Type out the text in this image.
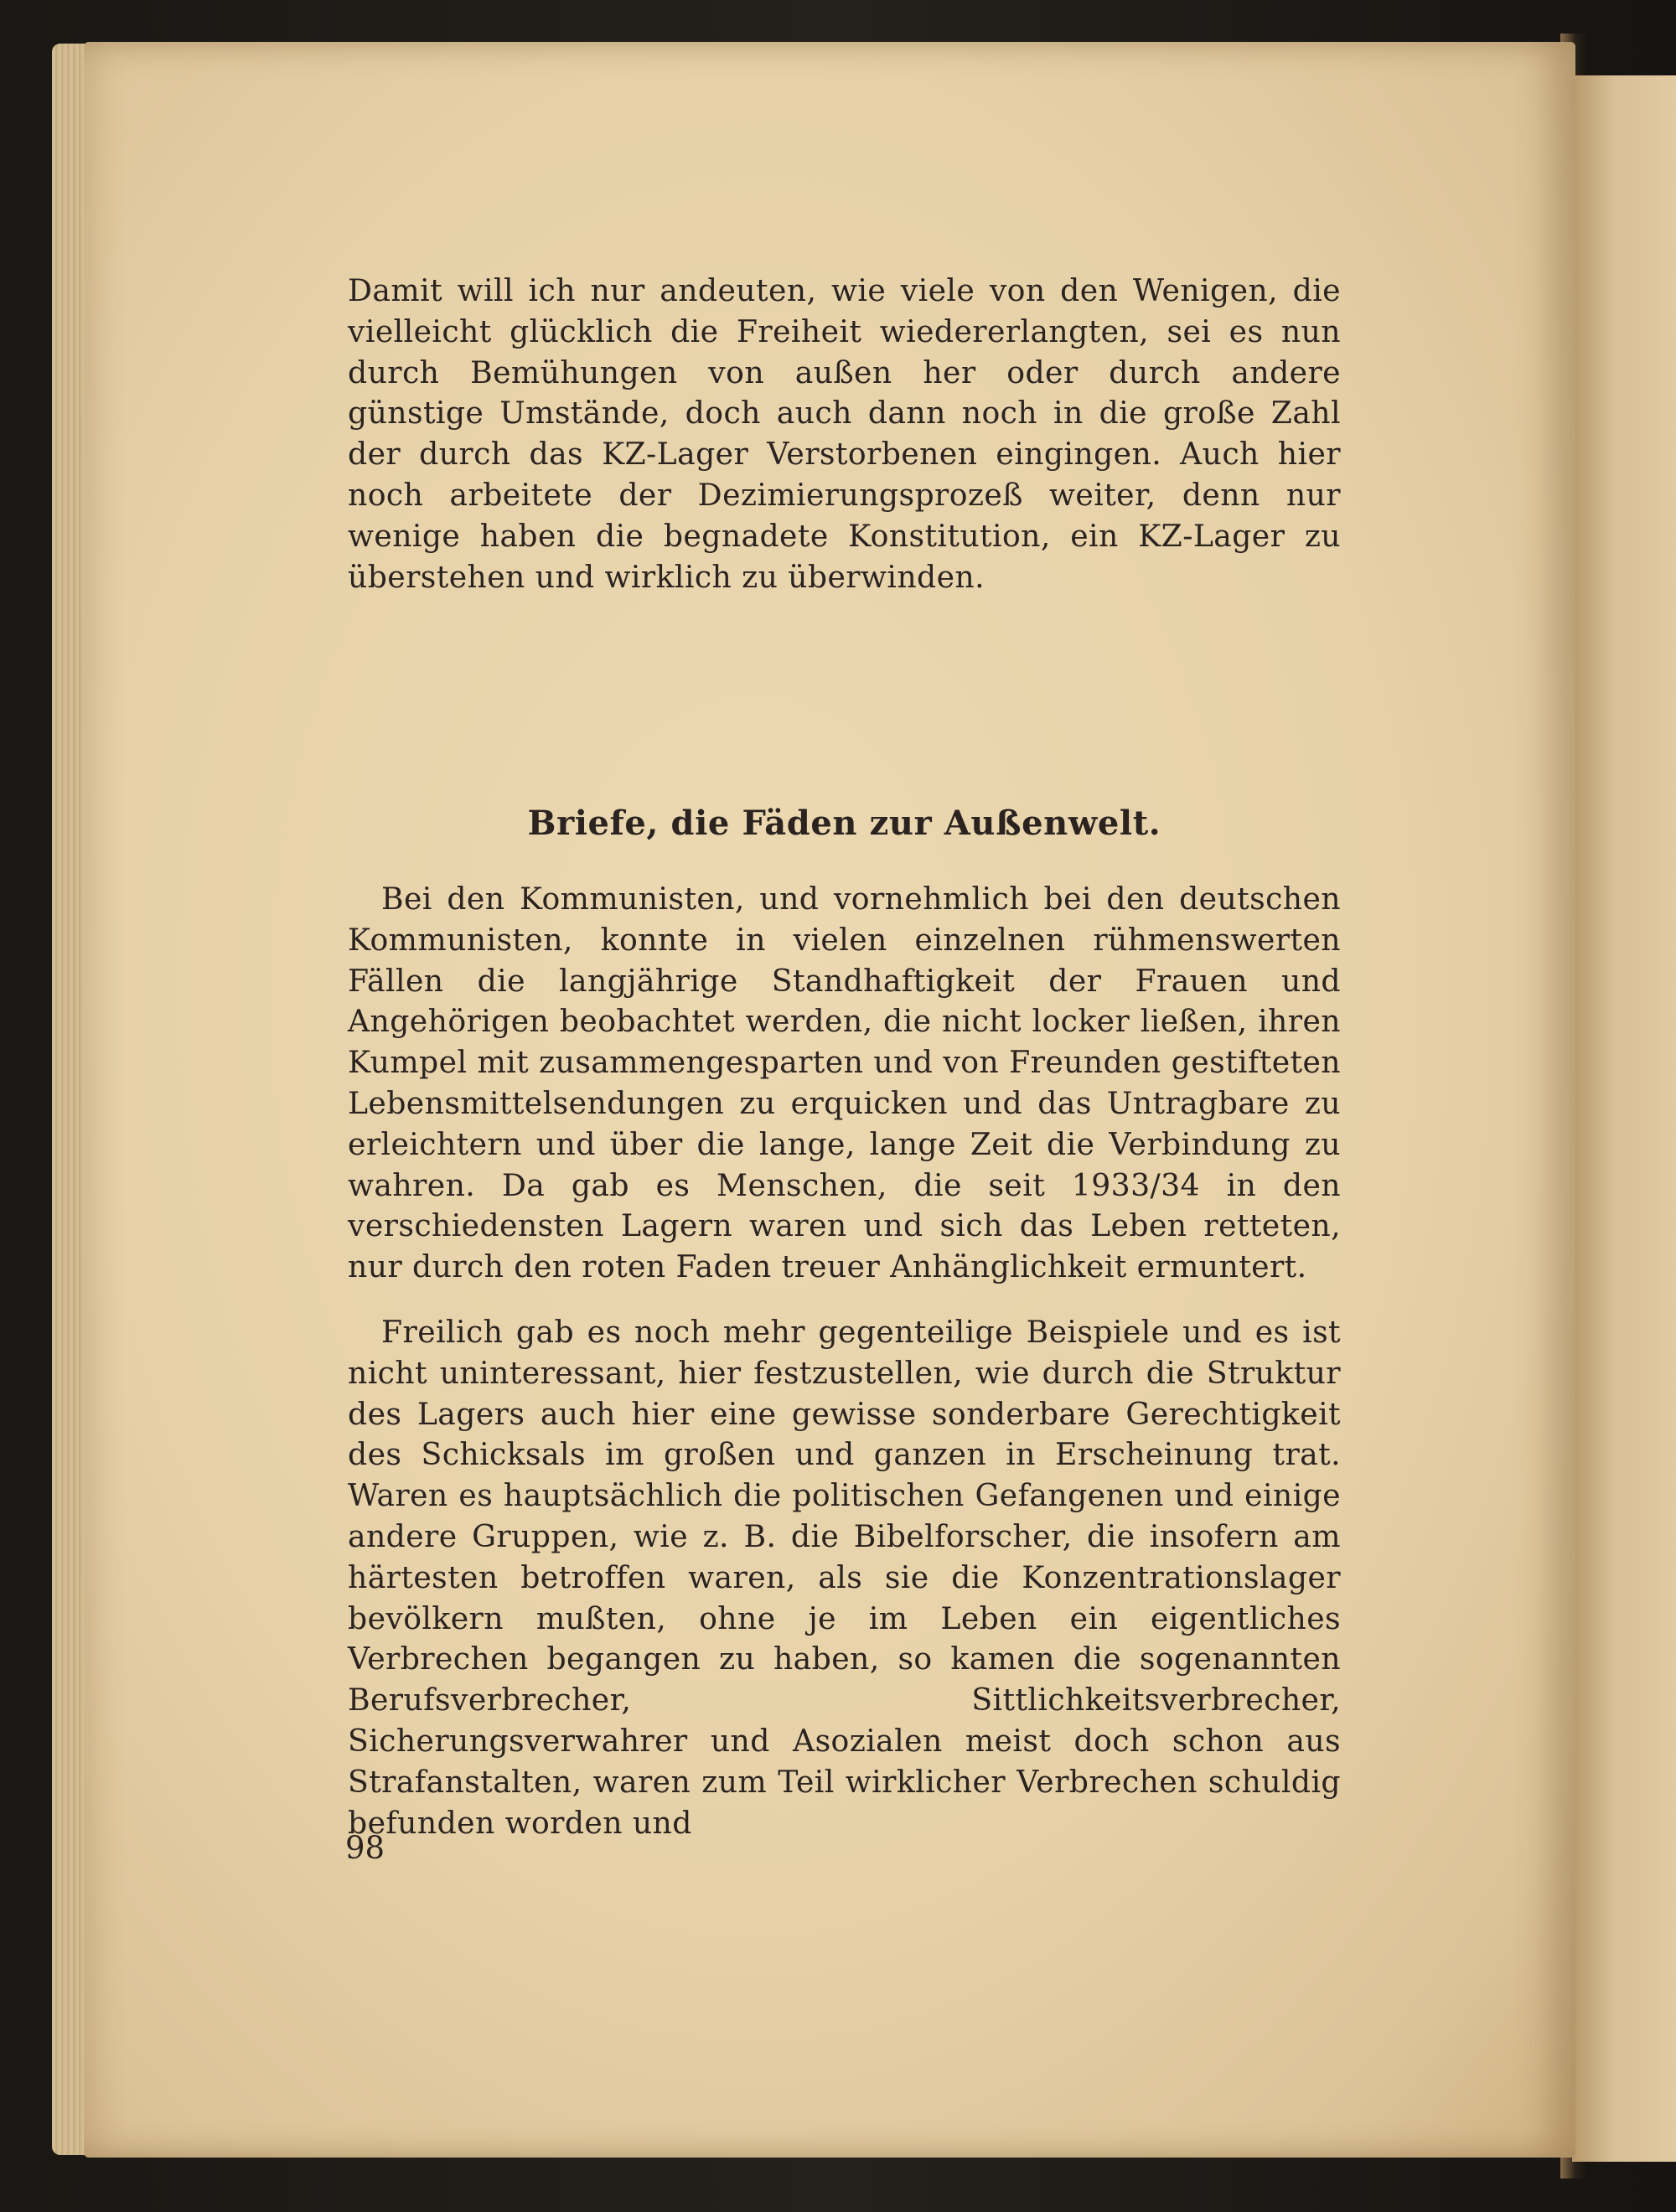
Damit will ich nur andeuten, wie viele von den Wenigen, die vielleicht glücklich die Freiheit wiedererlangten, sei es nun durch Bemühungen von außen her oder durch andere günstige Umstände, doch auch dann noch in die große Zahl der durch das KZ-Lager Verstorbenen eingingen. Auch hier noch arbeitete der Dezimierungsprozeß weiter, denn nur wenige haben die begnadete Konstitution, ein KZ-Lager zu überstehen und wirklich zu überwinden.

Briefe, die Fäden zur Außenwelt.

Bei den Kommunisten, und vornehmlich bei den deutschen Kommunisten, konnte in vielen einzelnen rühmenswerten Fällen die langjährige Standhaftigkeit der Frauen und Angehörigen beobachtet werden, die nicht locker ließen, ihren Kumpel mit zusammengesparten und von Freunden gestifteten Lebensmittelsendungen zu erquicken und das Untragbare zu erleichtern und über die lange, lange Zeit die Verbindung zu wahren. Da gab es Menschen, die seit 1933/34 in den verschiedensten Lagern waren und sich das Leben retteten, nur durch den roten Faden treuer Anhänglichkeit ermuntert.

Freilich gab es noch mehr gegenteilige Beispiele und es ist nicht uninteressant, hier festzustellen, wie durch die Struktur des Lagers auch hier eine gewisse sonderbare Gerechtigkeit des Schicksals im großen und ganzen in Erscheinung trat. Waren es hauptsächlich die politischen Gefangenen und einige andere Gruppen, wie z. B. die Bibelforscher, die insofern am härtesten betroffen waren, als sie die Konzentrationslager bevölkern mußten, ohne je im Leben ein eigentliches Verbrechen begangen zu haben, so kamen die sogenannten Berufsverbrecher, Sittlichkeitsverbrecher, Sicherungsverwahrer und Asozialen meist doch schon aus Strafanstalten, waren zum Teil wirklicher Verbrechen schuldig befunden worden und

98
